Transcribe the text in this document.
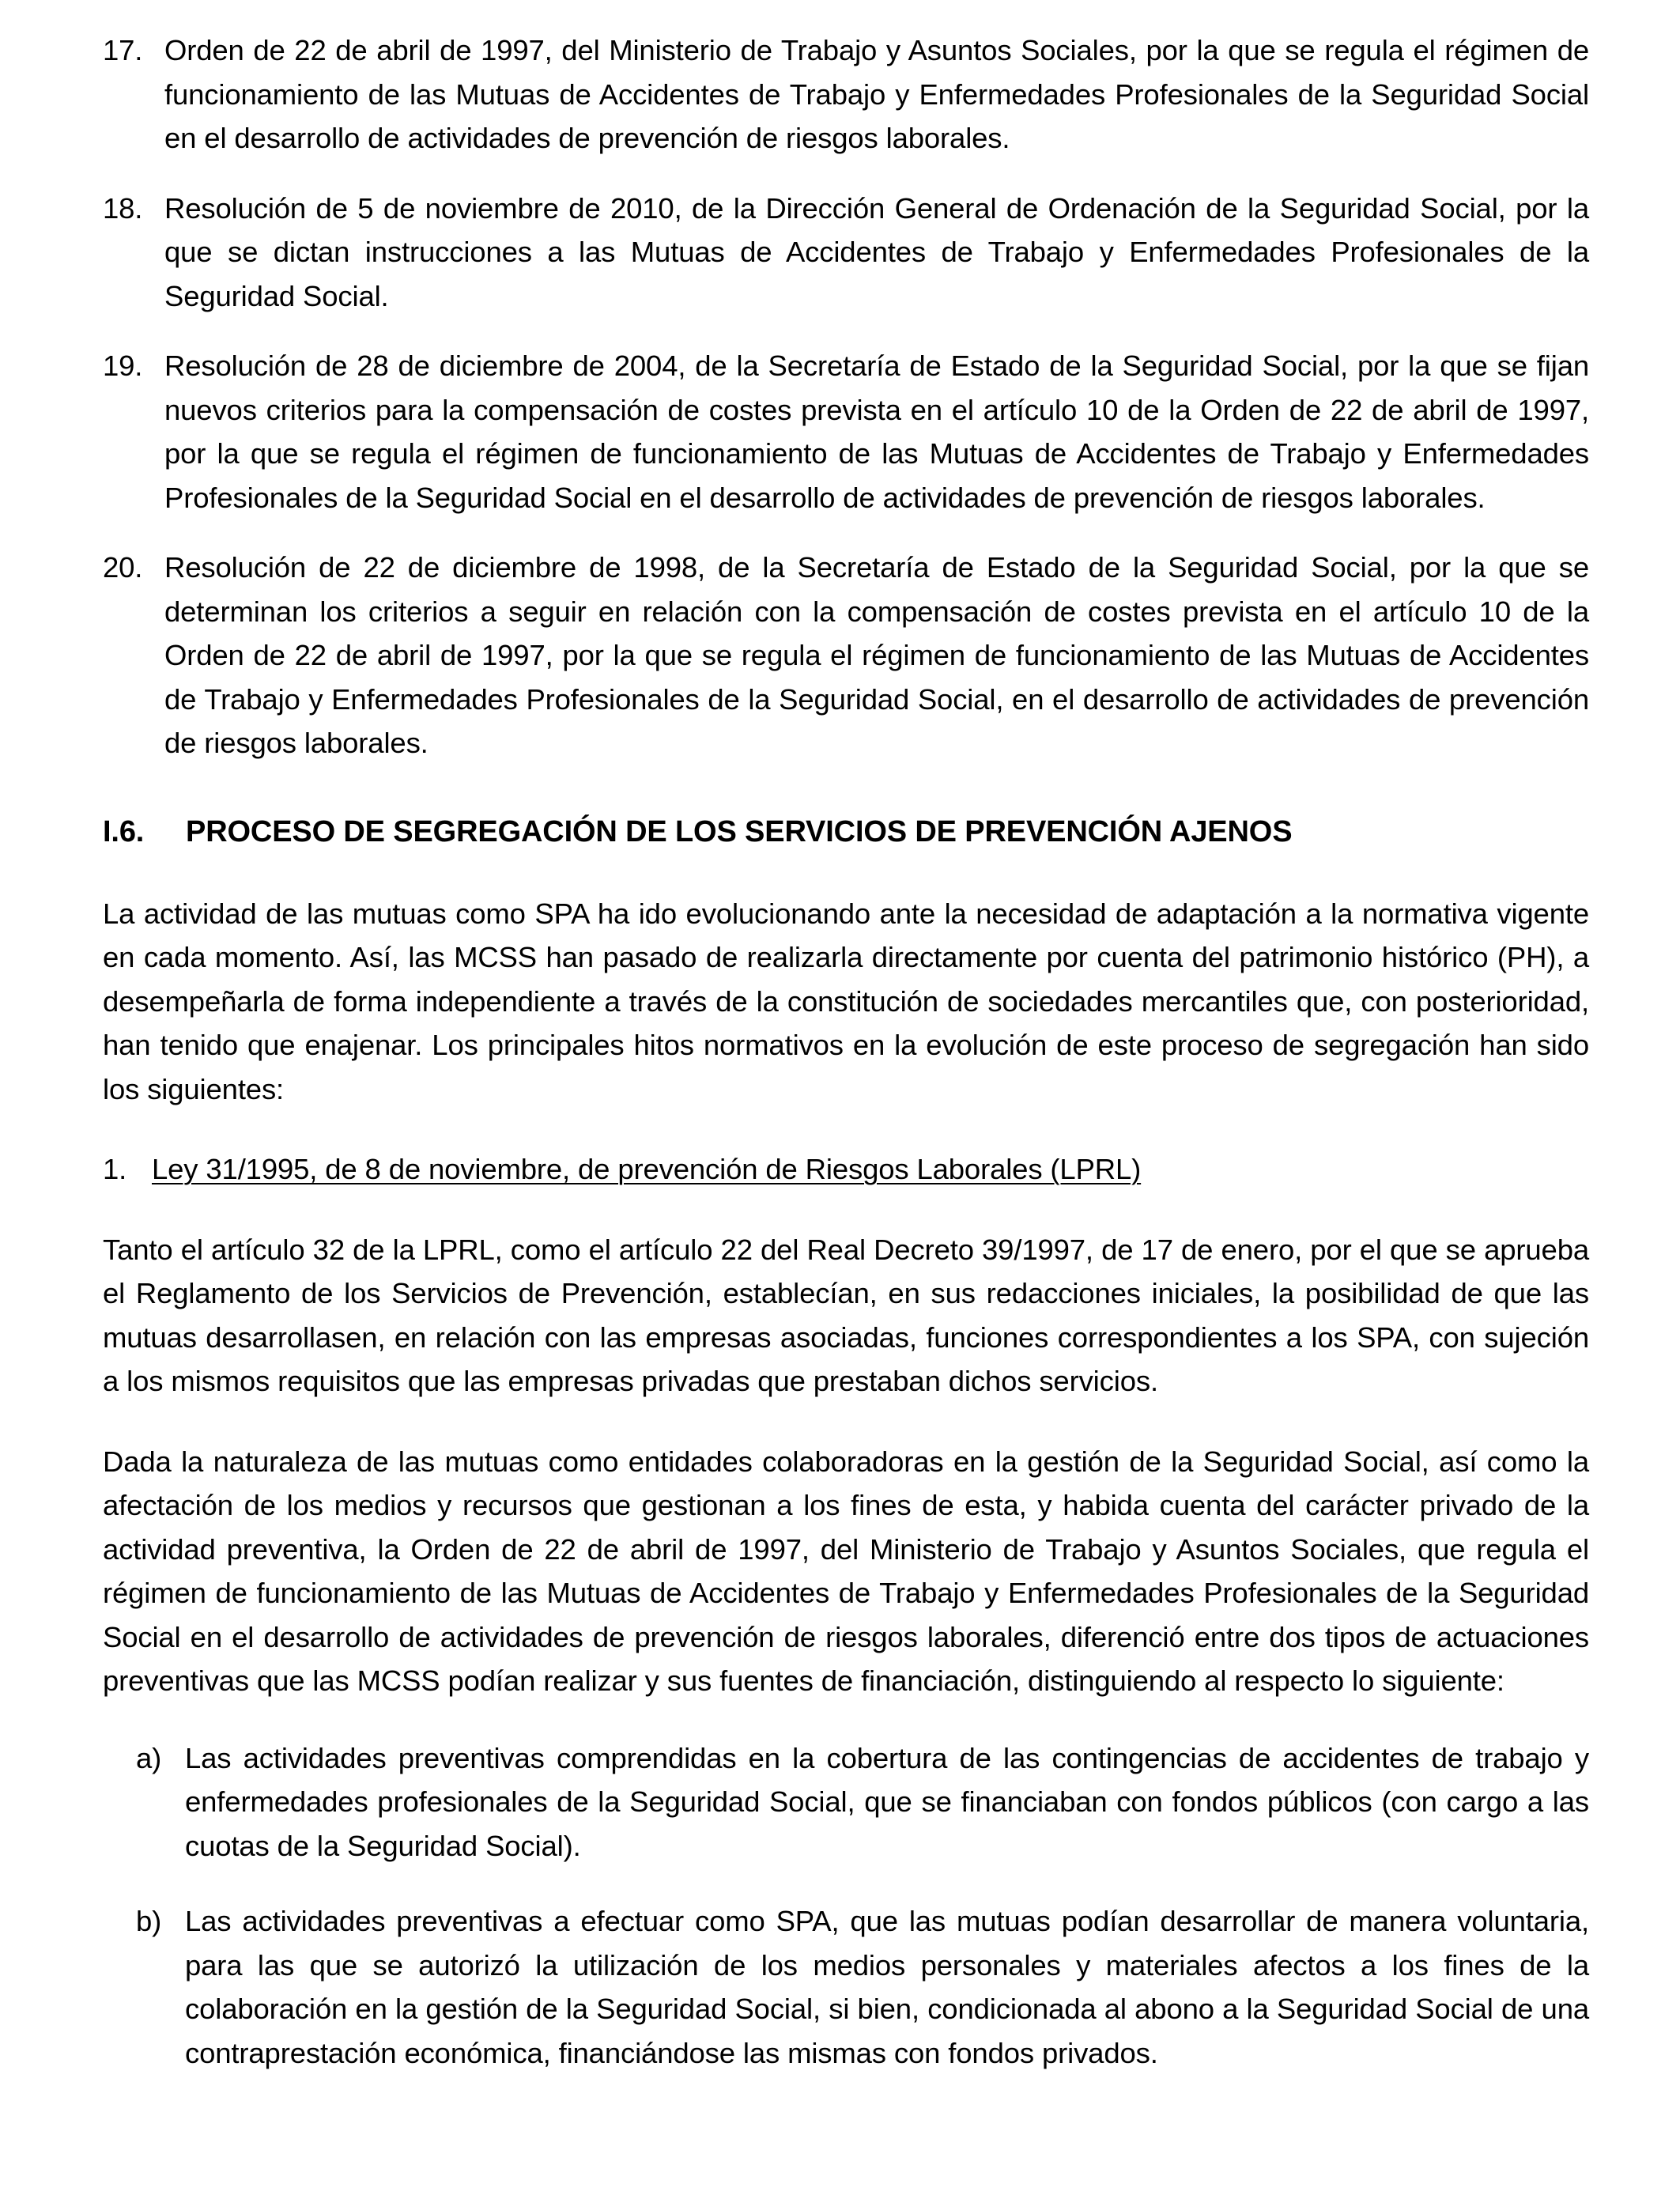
17. Orden de 22 de abril de 1997, del Ministerio de Trabajo y Asuntos Sociales, por la que se regula el régimen de funcionamiento de las Mutuas de Accidentes de Trabajo y Enfermedades Profesionales de la Seguridad Social en el desarrollo de actividades de prevención de riesgos laborales.
18. Resolución de 5 de noviembre de 2010, de la Dirección General de Ordenación de la Seguridad Social, por la que se dictan instrucciones a las Mutuas de Accidentes de Trabajo y Enfermedades Profesionales de la Seguridad Social.
19. Resolución de 28 de diciembre de 2004, de la Secretaría de Estado de la Seguridad Social, por la que se fijan nuevos criterios para la compensación de costes prevista en el artículo 10 de la Orden de 22 de abril de 1997, por la que se regula el régimen de funcionamiento de las Mutuas de Accidentes de Trabajo y Enfermedades Profesionales de la Seguridad Social en el desarrollo de actividades de prevención de riesgos laborales.
20. Resolución de 22 de diciembre de 1998, de la Secretaría de Estado de la Seguridad Social, por la que se determinan los criterios a seguir en relación con la compensación de costes prevista en el artículo 10 de la Orden de 22 de abril de 1997, por la que se regula el régimen de funcionamiento de las Mutuas de Accidentes de Trabajo y Enfermedades Profesionales de la Seguridad Social, en el desarrollo de actividades de prevención de riesgos laborales.
I.6.	PROCESO DE SEGREGACIÓN DE LOS SERVICIOS DE PREVENCIÓN AJENOS

La actividad de las mutuas como SPA ha ido evolucionando ante la necesidad de adaptación a la normativa vigente en cada momento. Así, las MCSS han pasado de realizarla directamente por cuenta del patrimonio histórico (PH), a desempeñarla de forma independiente a través de la constitución de sociedades mercantiles que, con posterioridad, han tenido que enajenar. Los principales hitos normativos en la evolución de este proceso de segregación han sido los siguientes:

1. Ley 31/1995, de 8 de noviembre, de prevención de Riesgos Laborales (LPRL)

Tanto el artículo 32 de la LPRL, como el artículo 22 del Real Decreto 39/1997, de 17 de enero, por el que se aprueba el Reglamento de los Servicios de Prevención, establecían, en sus redacciones iniciales, la posibilidad de que las mutuas desarrollasen, en relación con las empresas asociadas, funciones correspondientes a los SPA, con sujeción a los mismos requisitos que las empresas privadas que prestaban dichos servicios.

Dada la naturaleza de las mutuas como entidades colaboradoras en la gestión de la Seguridad Social, así como la afectación de los medios y recursos que gestionan a los fines de esta, y habida cuenta del carácter privado de la actividad preventiva, la Orden de 22 de abril de 1997, del Ministerio de Trabajo y Asuntos Sociales, que regula el régimen de funcionamiento de las Mutuas de Accidentes de Trabajo y Enfermedades Profesionales de la Seguridad Social en el desarrollo de actividades de prevención de riesgos laborales, diferenció entre dos tipos de actuaciones preventivas que las MCSS podían realizar y sus fuentes de financiación, distinguiendo al respecto lo siguiente:

a) Las actividades preventivas comprendidas en la cobertura de las contingencias de accidentes de trabajo y enfermedades profesionales de la Seguridad Social, que se financiaban con fondos públicos (con cargo a las cuotas de la Seguridad Social).
b) Las actividades preventivas a efectuar como SPA, que las mutuas podían desarrollar de manera voluntaria, para las que se autorizó la utilización de los medios personales y materiales afectos a los fines de la colaboración en la gestión de la Seguridad Social, si bien, condicionada al abono a la Seguridad Social de una contraprestación económica, financiándose las mismas con fondos privados.
